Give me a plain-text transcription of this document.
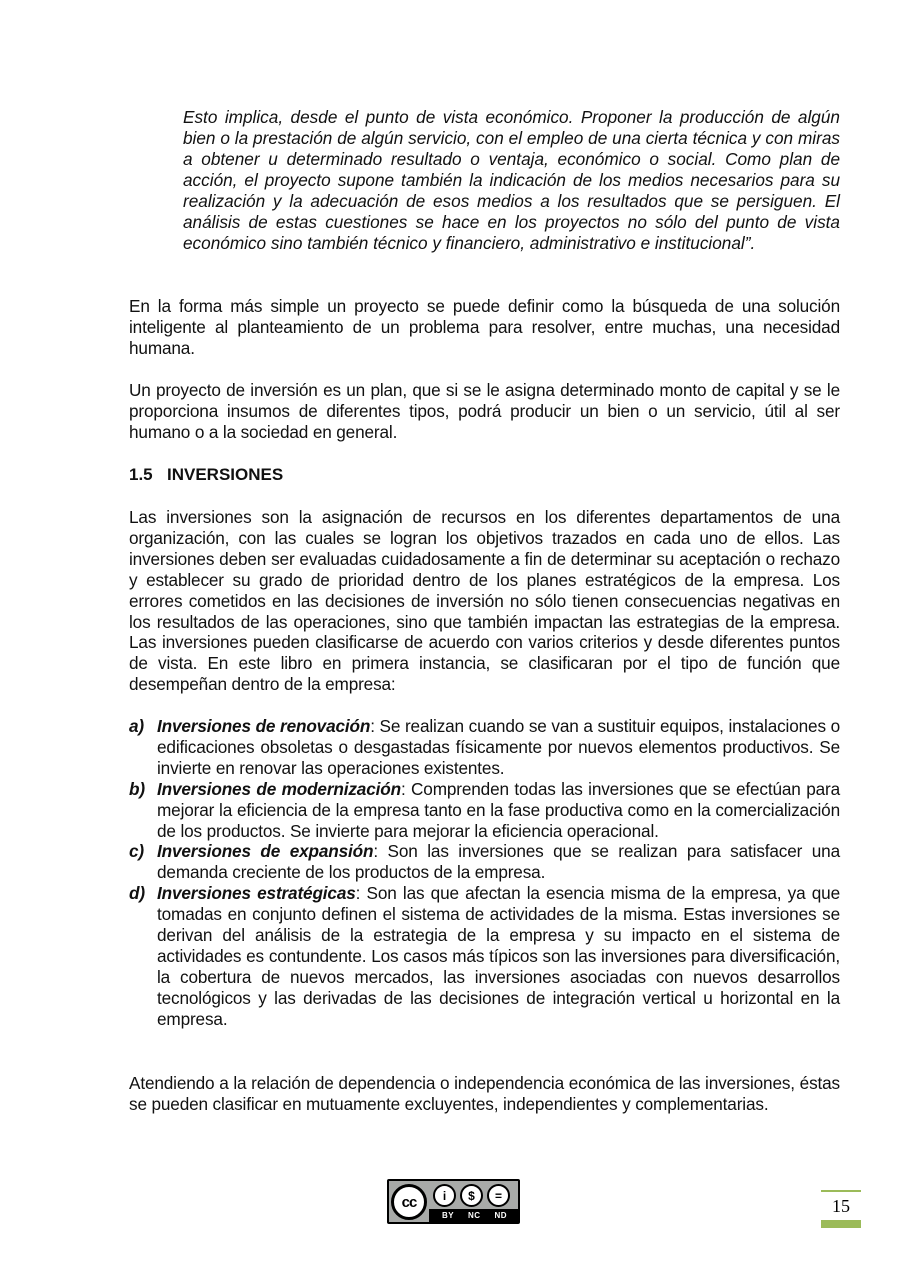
Esto implica, desde el punto de vista económico. Proponer la producción de algún bien o la prestación de algún servicio, con el empleo de una cierta técnica y con miras a obtener u determinado resultado o ventaja, económico o social. Como plan de acción, el proyecto supone también la indicación de los medios necesarios para su realización y la adecuación de esos medios a los resultados que se persiguen. El análisis de estas cuestiones se hace en los proyectos no sólo del punto de vista económico sino también técnico y financiero, administrativo e institucional”.
En la forma más simple un proyecto se puede definir como la búsqueda de una solución inteligente al planteamiento de un problema para resolver, entre muchas, una necesidad humana.
Un proyecto de inversión es un plan, que si se le asigna determinado monto de capital y se le proporciona insumos de diferentes tipos, podrá producir un bien o un servicio, útil al ser humano o a la sociedad en general.
1.5 INVERSIONES
Las inversiones son la asignación de recursos en los diferentes departamentos de una organización, con las cuales se logran los objetivos trazados en cada uno de ellos. Las inversiones deben ser evaluadas cuidadosamente a fin de determinar su aceptación o rechazo y establecer su grado de prioridad dentro de los planes estratégicos de la empresa. Los errores cometidos en las decisiones de inversión no sólo tienen consecuencias negativas en los resultados de las operaciones, sino que también impactan las estrategias de la empresa. Las inversiones pueden clasificarse de acuerdo con varios criterios y desde diferentes puntos de vista. En este libro en primera instancia, se clasificaran por el tipo de función que desempeñan dentro de la empresa:
a) Inversiones de renovación: Se realizan cuando se van a sustituir equipos, instalaciones o edificaciones obsoletas o desgastadas físicamente por nuevos elementos productivos. Se invierte en renovar las operaciones existentes.
b) Inversiones de modernización: Comprenden todas las inversiones que se efectúan para mejorar la eficiencia de la empresa tanto en la fase productiva como en la comercialización de los productos. Se invierte para mejorar la eficiencia operacional.
c) Inversiones de expansión: Son las inversiones que se realizan para satisfacer una demanda creciente de los productos de la empresa.
d) Inversiones estratégicas: Son las que afectan la esencia misma de la empresa, ya que tomadas en conjunto definen el sistema de actividades de la misma. Estas inversiones se derivan del análisis de la estrategia de la empresa y su impacto en el sistema de actividades es contundente. Los casos más típicos son las inversiones para diversificación, la cobertura de nuevos mercados, las inversiones asociadas con nuevos desarrollos tecnológicos y las derivadas de las decisiones de integración vertical u horizontal en la empresa.
Atendiendo a la relación de dependencia o independencia económica de las inversiones, éstas se pueden clasificar en mutuamente excluyentes, independientes y complementarias.
cc	i	$	=
BY NC ND	15
